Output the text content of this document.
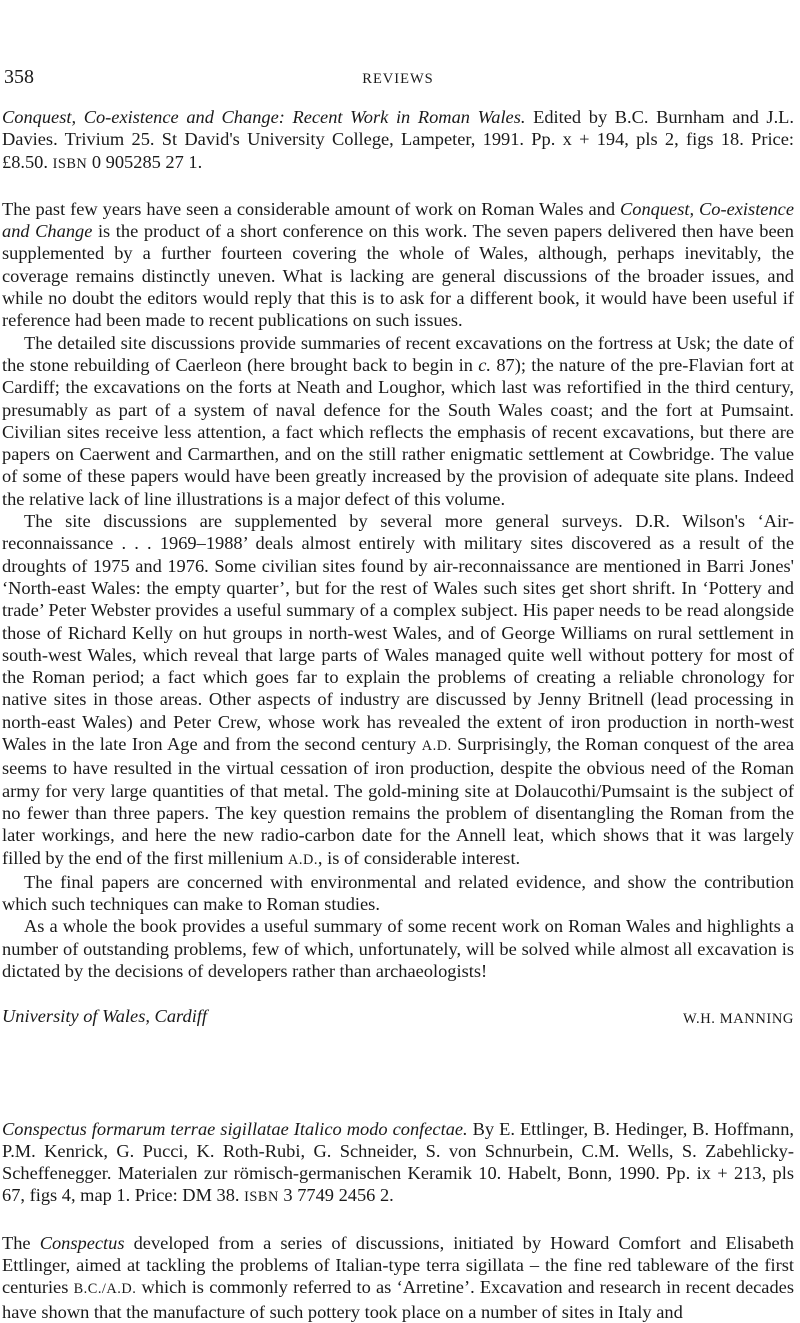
358	REVIEWS
Conquest, Co-existence and Change: Recent Work in Roman Wales. Edited by B.C. Burnham and J.L. Davies. Trivium 25. St David's University College, Lampeter, 1991. Pp. x + 194, pls 2, figs 18. Price: £8.50. ISBN 0 905285 27 1.

The past few years have seen a considerable amount of work on Roman Wales and Conquest, Co-existence and Change is the product of a short conference on this work. The seven papers delivered then have been supplemented by a further fourteen covering the whole of Wales, although, perhaps inevitably, the coverage remains distinctly uneven. What is lacking are general discussions of the broader issues, and while no doubt the editors would reply that this is to ask for a different book, it would have been useful if reference had been made to recent publications on such issues.

The detailed site discussions provide summaries of recent excavations on the fortress at Usk; the date of the stone rebuilding of Caerleon (here brought back to begin in c. 87); the nature of the pre-Flavian fort at Cardiff; the excavations on the forts at Neath and Loughor, which last was refortified in the third century, presumably as part of a system of naval defence for the South Wales coast; and the fort at Pumsaint. Civilian sites receive less attention, a fact which reflects the emphasis of recent excavations, but there are papers on Caerwent and Carmarthen, and on the still rather enigmatic settlement at Cowbridge. The value of some of these papers would have been greatly increased by the provision of adequate site plans. Indeed the relative lack of line illustrations is a major defect of this volume.

The site discussions are supplemented by several more general surveys. D.R. Wilson's ‘Air-reconnaissance . . . 1969–1988’ deals almost entirely with military sites discovered as a result of the droughts of 1975 and 1976. Some civilian sites found by air-reconnaissance are mentioned in Barri Jones' ‘North-east Wales: the empty quarter’, but for the rest of Wales such sites get short shrift. In ‘Pottery and trade’ Peter Webster provides a useful summary of a complex subject. His paper needs to be read alongside those of Richard Kelly on hut groups in north-west Wales, and of George Williams on rural settlement in south-west Wales, which reveal that large parts of Wales managed quite well without pottery for most of the Roman period; a fact which goes far to explain the problems of creating a reliable chronology for native sites in those areas. Other aspects of industry are discussed by Jenny Britnell (lead processing in north-east Wales) and Peter Crew, whose work has revealed the extent of iron production in north-west Wales in the late Iron Age and from the second century A.D. Surprisingly, the Roman conquest of the area seems to have resulted in the virtual cessation of iron production, despite the obvious need of the Roman army for very large quantities of that metal. The gold-mining site at Dolaucothi/Pumsaint is the subject of no fewer than three papers. The key question remains the problem of disentangling the Roman from the later workings, and here the new radio-carbon date for the Annell leat, which shows that it was largely filled by the end of the first millenium A.D., is of considerable interest.

The final papers are concerned with environmental and related evidence, and show the contribution which such techniques can make to Roman studies.

As a whole the book provides a useful summary of some recent work on Roman Wales and highlights a number of outstanding problems, few of which, unfortunately, will be solved while almost all excavation is dictated by the decisions of developers rather than archaeologists!

University of Wales, Cardiff	W.H. MANNING
Conspectus formarum terrae sigillatae Italico modo confectae. By E. Ettlinger, B. Hedinger, B. Hoffmann, P.M. Kenrick, G. Pucci, K. Roth-Rubi, G. Schneider, S. von Schnurbein, C.M. Wells, S. Zabehlicky-Scheffenegger. Materialen zur römisch-germanischen Keramik 10. Habelt, Bonn, 1990. Pp. ix + 213, pls 67, figs 4, map 1. Price: DM 38. ISBN 3 7749 2456 2.

The Conspectus developed from a series of discussions, initiated by Howard Comfort and Elisabeth Ettlinger, aimed at tackling the problems of Italian-type terra sigillata – the fine red tableware of the first centuries B.C./A.D. which is commonly referred to as ‘Arretine’. Excavation and research in recent decades have shown that the manufacture of such pottery took place on a number of sites in Italy and
